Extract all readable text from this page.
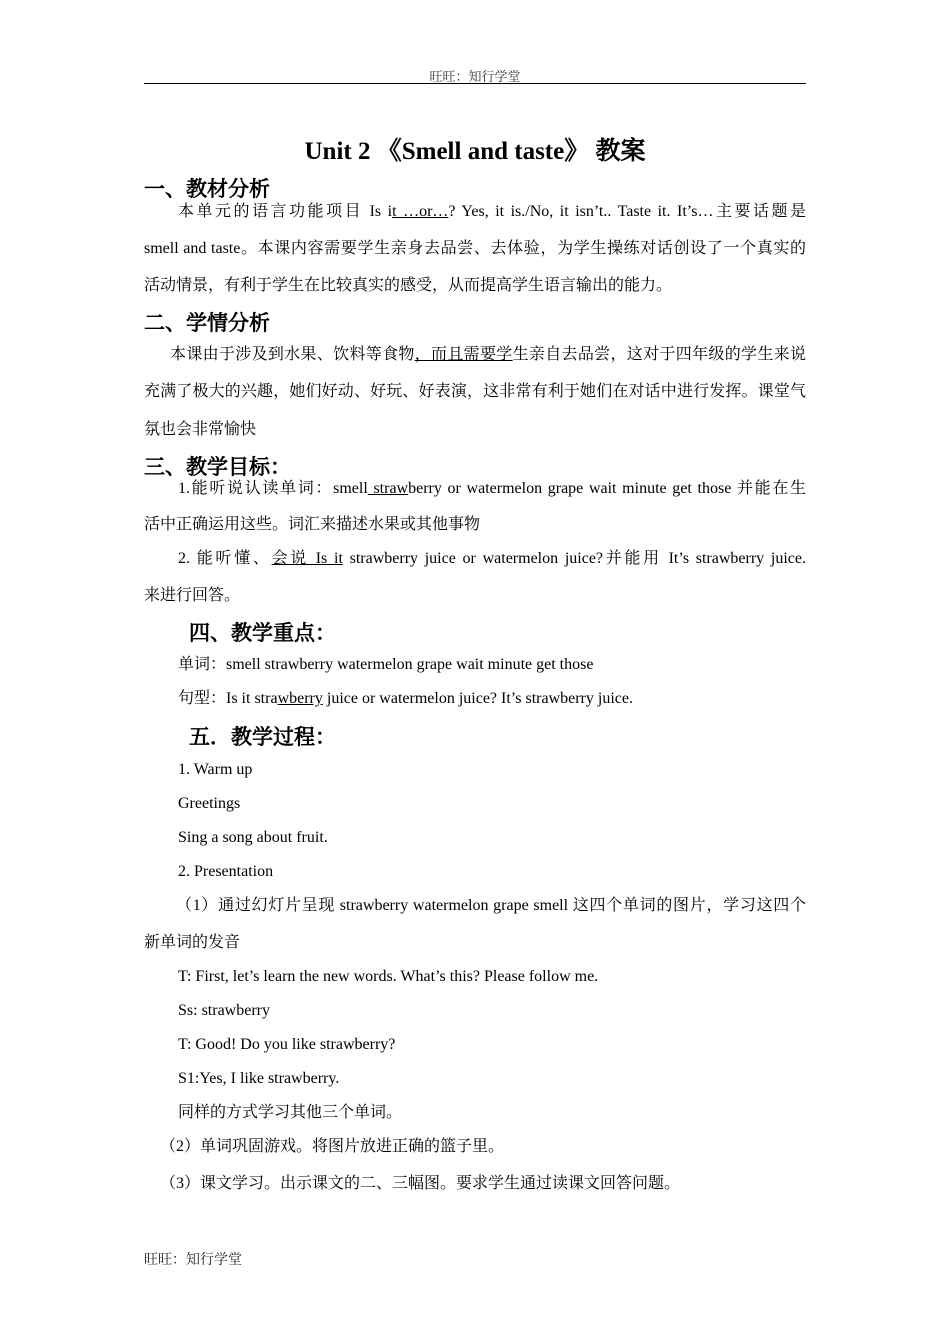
旺旺：知行学堂
Unit 2 《Smell and taste》 教案
一、教材分析
本单元的语言功能项目 Is it …or…? Yes, it is./No, it isn’t.. Taste it. It’s…主要话题是
smell and taste。本课内容需要学生亲身去品尝、去体验，为学生操练对话创设了一个真实的
活动情景，有利于学生在比较真实的感受，从而提高学生语言输出的能力。
二、学情分析
本课由于涉及到水果、饮料等食物，而且需要学生亲自去品尝，这对于四年级的学生来说
充满了极大的兴趣，她们好动、好玩、好表演，这非常有利于她们在对话中进行发挥。课堂气
氛也会非常愉快
三、教学目标：
1.能听说认读单词：smell strawberry or watermelon grape wait minute get those 并能在生
活中正确运用这些。词汇来描述水果或其他事物
2. 能听懂、会说 Is it strawberry juice or watermelon juice?并能用 It’s strawberry juice.
来进行回答。
四、教学重点：
单词：smell strawberry watermelon grape wait minute get those
句型：Is it strawberry juice or watermelon juice? It’s strawberry juice.
五．教学过程：
1. Warm up
Greetings
Sing a song about fruit.
2. Presentation
（1）通过幻灯片呈现 strawberry watermelon grape smell 这四个单词的图片，学习这四个
新单词的发音
T: First, let’s learn the new words. What’s this? Please follow me.
Ss: strawberry
T: Good! Do you like strawberry?
S1:Yes, I like strawberry.
同样的方式学习其他三个单词。
（2）单词巩固游戏。将图片放进正确的篮子里。
（3）课文学习。出示课文的二、三幅图。要求学生通过读课文回答问题。
旺旺：知行学堂
